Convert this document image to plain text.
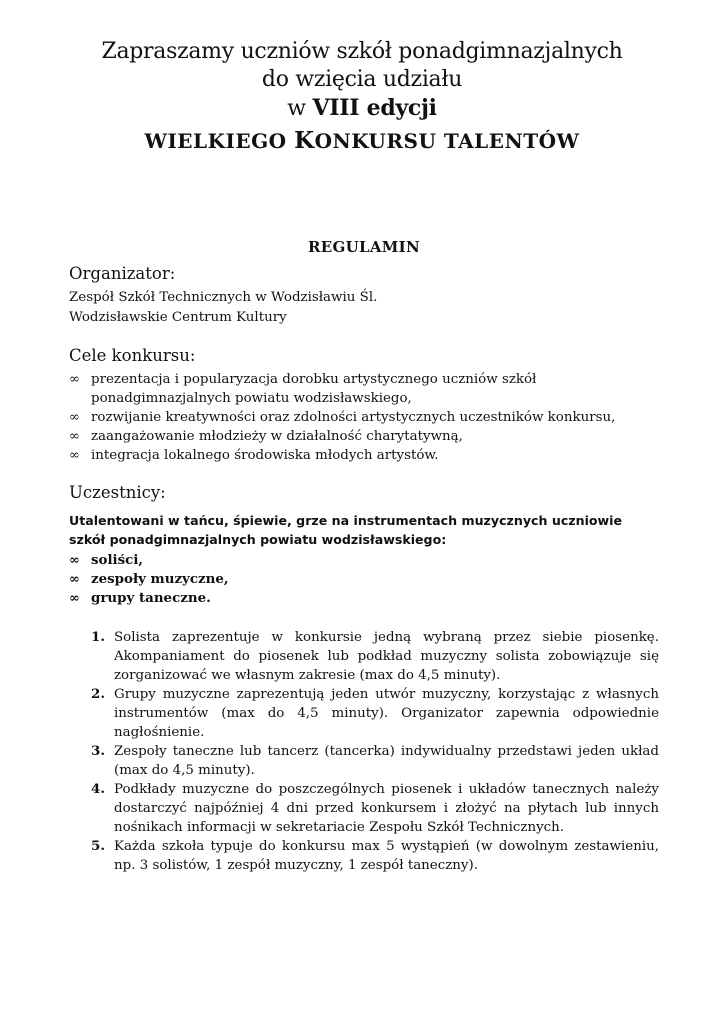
Zapraszamy uczniów szkół ponadgimnazjalnych
do wzięcia udziału
w VIII edycji
WIELKIEGO KONKURSU TALENTÓW
REGULAMIN
Organizator:
Zespół Szkół Technicznych w Wodzisławiu Śl.
Wodzisławskie Centrum Kultury
Cele konkursu:
∞ prezentacja i popularyzacja dorobku artystycznego uczniów szkół ponadgimnazjalnych powiatu wodzisławskiego,
∞ rozwijanie kreatywności oraz zdolności artystycznych uczestników konkursu,
∞ zaangażowanie młodzieży w działalność charytatywną,
∞ integracja lokalnego środowiska młodych artystów.
Uczestnicy:
Utalentowani w tańcu, śpiewie, grze na instrumentach muzycznych uczniowie szkół ponadgimnazjalnych powiatu wodzisławskiego:
∞ soliści,
∞ zespoły muzyczne,
∞ grupy taneczne.
1. Solista zaprezentuje w konkursie jedną wybraną przez siebie piosenkę. Akompaniament do piosenek lub podkład muzyczny solista zobowiązuje się zorganizować we własnym zakresie (max do 4,5 minuty).
2. Grupy muzyczne zaprezentują jeden utwór muzyczny, korzystając z własnych instrumentów (max do 4,5 minuty). Organizator zapewnia odpowiednie nagłośnienie.
3. Zespoły taneczne lub tancerz (tancerka) indywidualny przedstawi jeden układ (max do 4,5 minuty).
4. Podkłady muzyczne do poszczególnych piosenek i układów tanecznych należy dostarczyć najpóźniej 4 dni przed konkursem i złożyć na płytach lub innych nośnikach informacji w sekretariacie Zespołu Szkół Technicznych.
5. Każda szkoła typuje do konkursu max 5 wystąpień (w dowolnym zestawieniu, np. 3 solistów, 1 zespół muzyczny, 1 zespół taneczny).
